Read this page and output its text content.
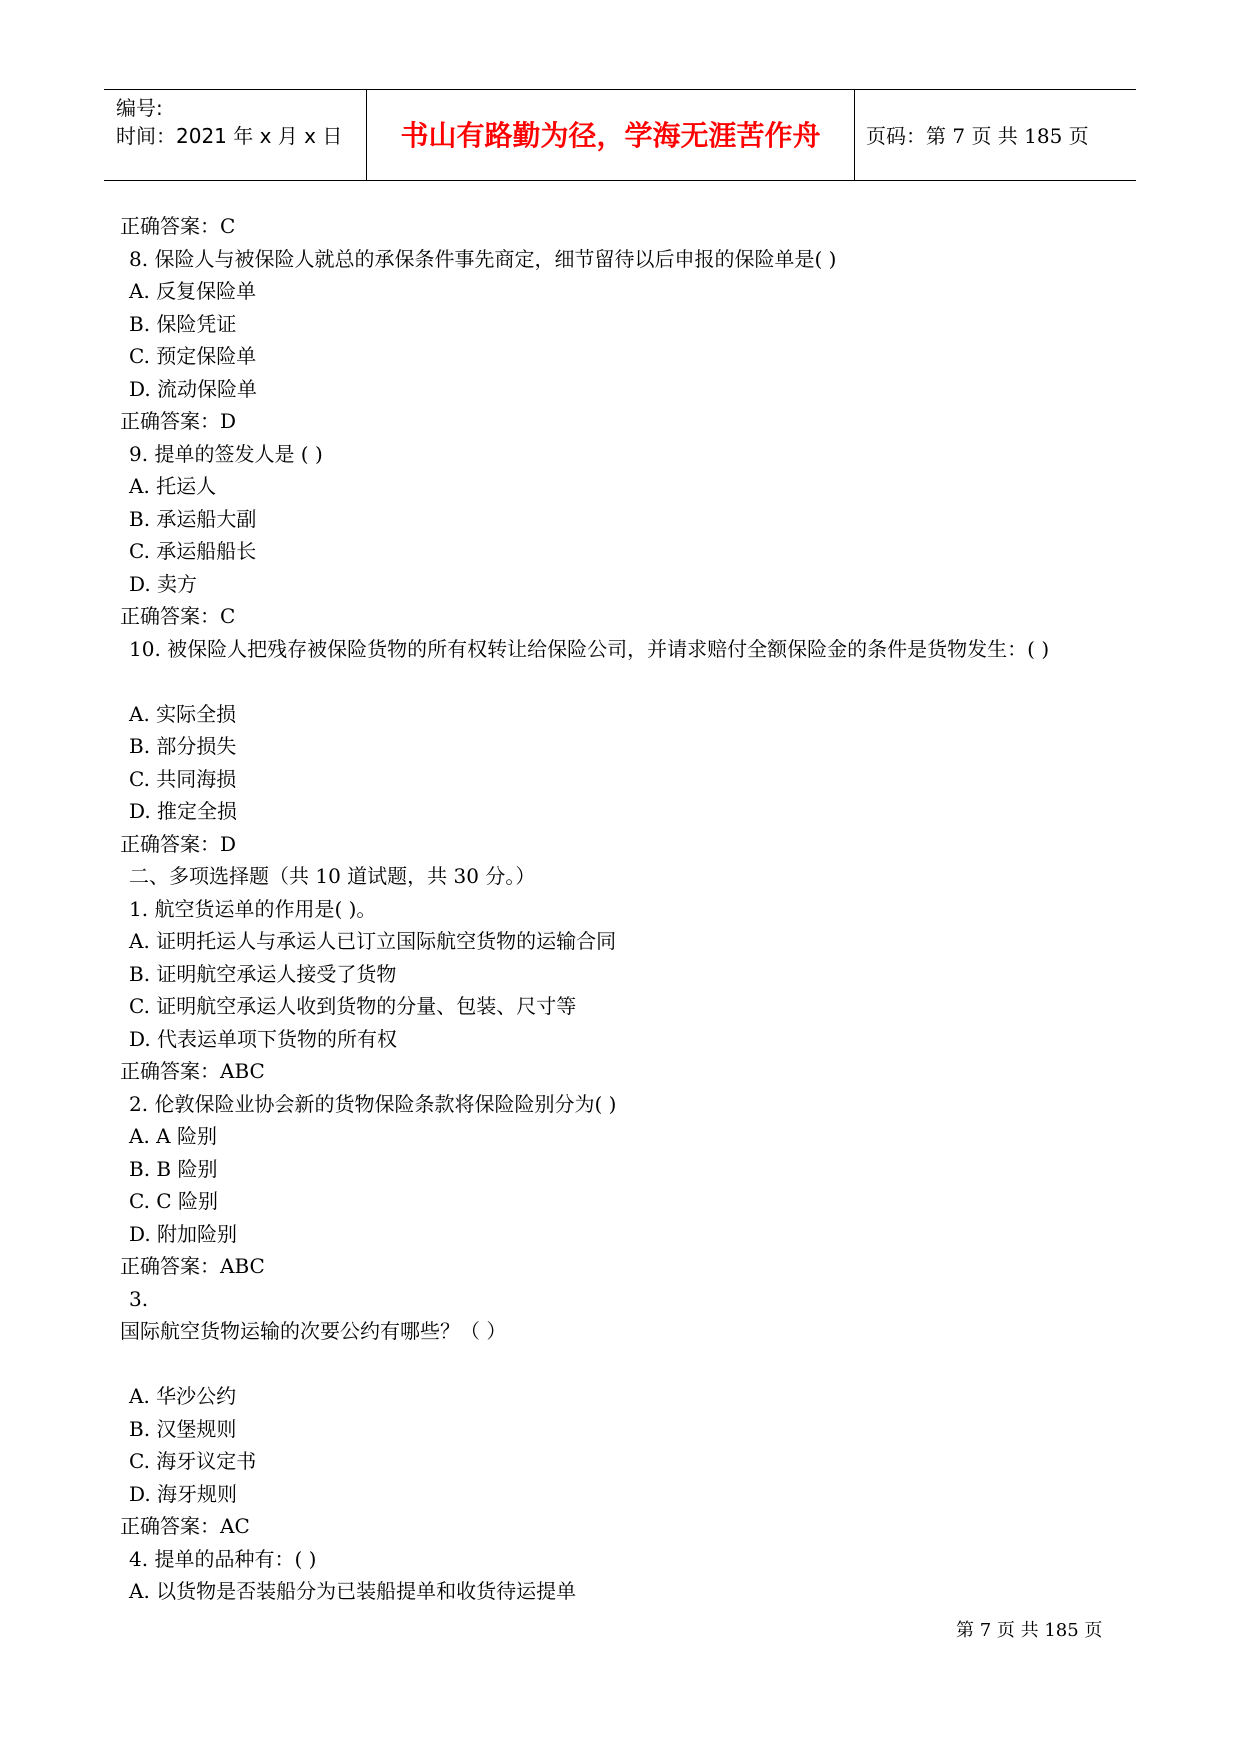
编号:
时间：2021 年 x 月 x 日	书山有路勤为径，学海无涯苦作舟	页码：第 7 页 共 185 页
正确答案：C
8. 保险人与被保险人就总的承保条件事先商定，细节留待以后申报的保险单是( )
A. 反复保险单
B. 保险凭证
C. 预定保险单
D. 流动保险单
正确答案：D
9. 提单的签发人是 ( )
A. 托运人
B. 承运船大副
C. 承运船船长
D. 卖方
正确答案：C
10. 被保险人把残存被保险货物的所有权转让给保险公司，并请求赔付全额保险金的条件是货物发生：( )
A. 实际全损
B. 部分损失
C. 共同海损
D. 推定全损
正确答案：D
二、多项选择题（共 10 道试题，共 30 分。）
1. 航空货运单的作用是( )。
A. 证明托运人与承运人已订立国际航空货物的运输合同
B. 证明航空承运人接受了货物
C. 证明航空承运人收到货物的分量、包装、尺寸等
D. 代表运单项下货物的所有权
正确答案：ABC
2. 伦敦保险业协会新的货物保险条款将保险险别分为( )
A. A 险别
B. B 险别
C. C 险别
D. 附加险别
正确答案：ABC
3.
国际航空货物运输的次要公约有哪些？（ ）
A. 华沙公约
B. 汉堡规则
C. 海牙议定书
D. 海牙规则
正确答案：AC
4. 提单的品种有：( )
A. 以货物是否装船分为已装船提单和收货待运提单
第 7 页 共 185 页
